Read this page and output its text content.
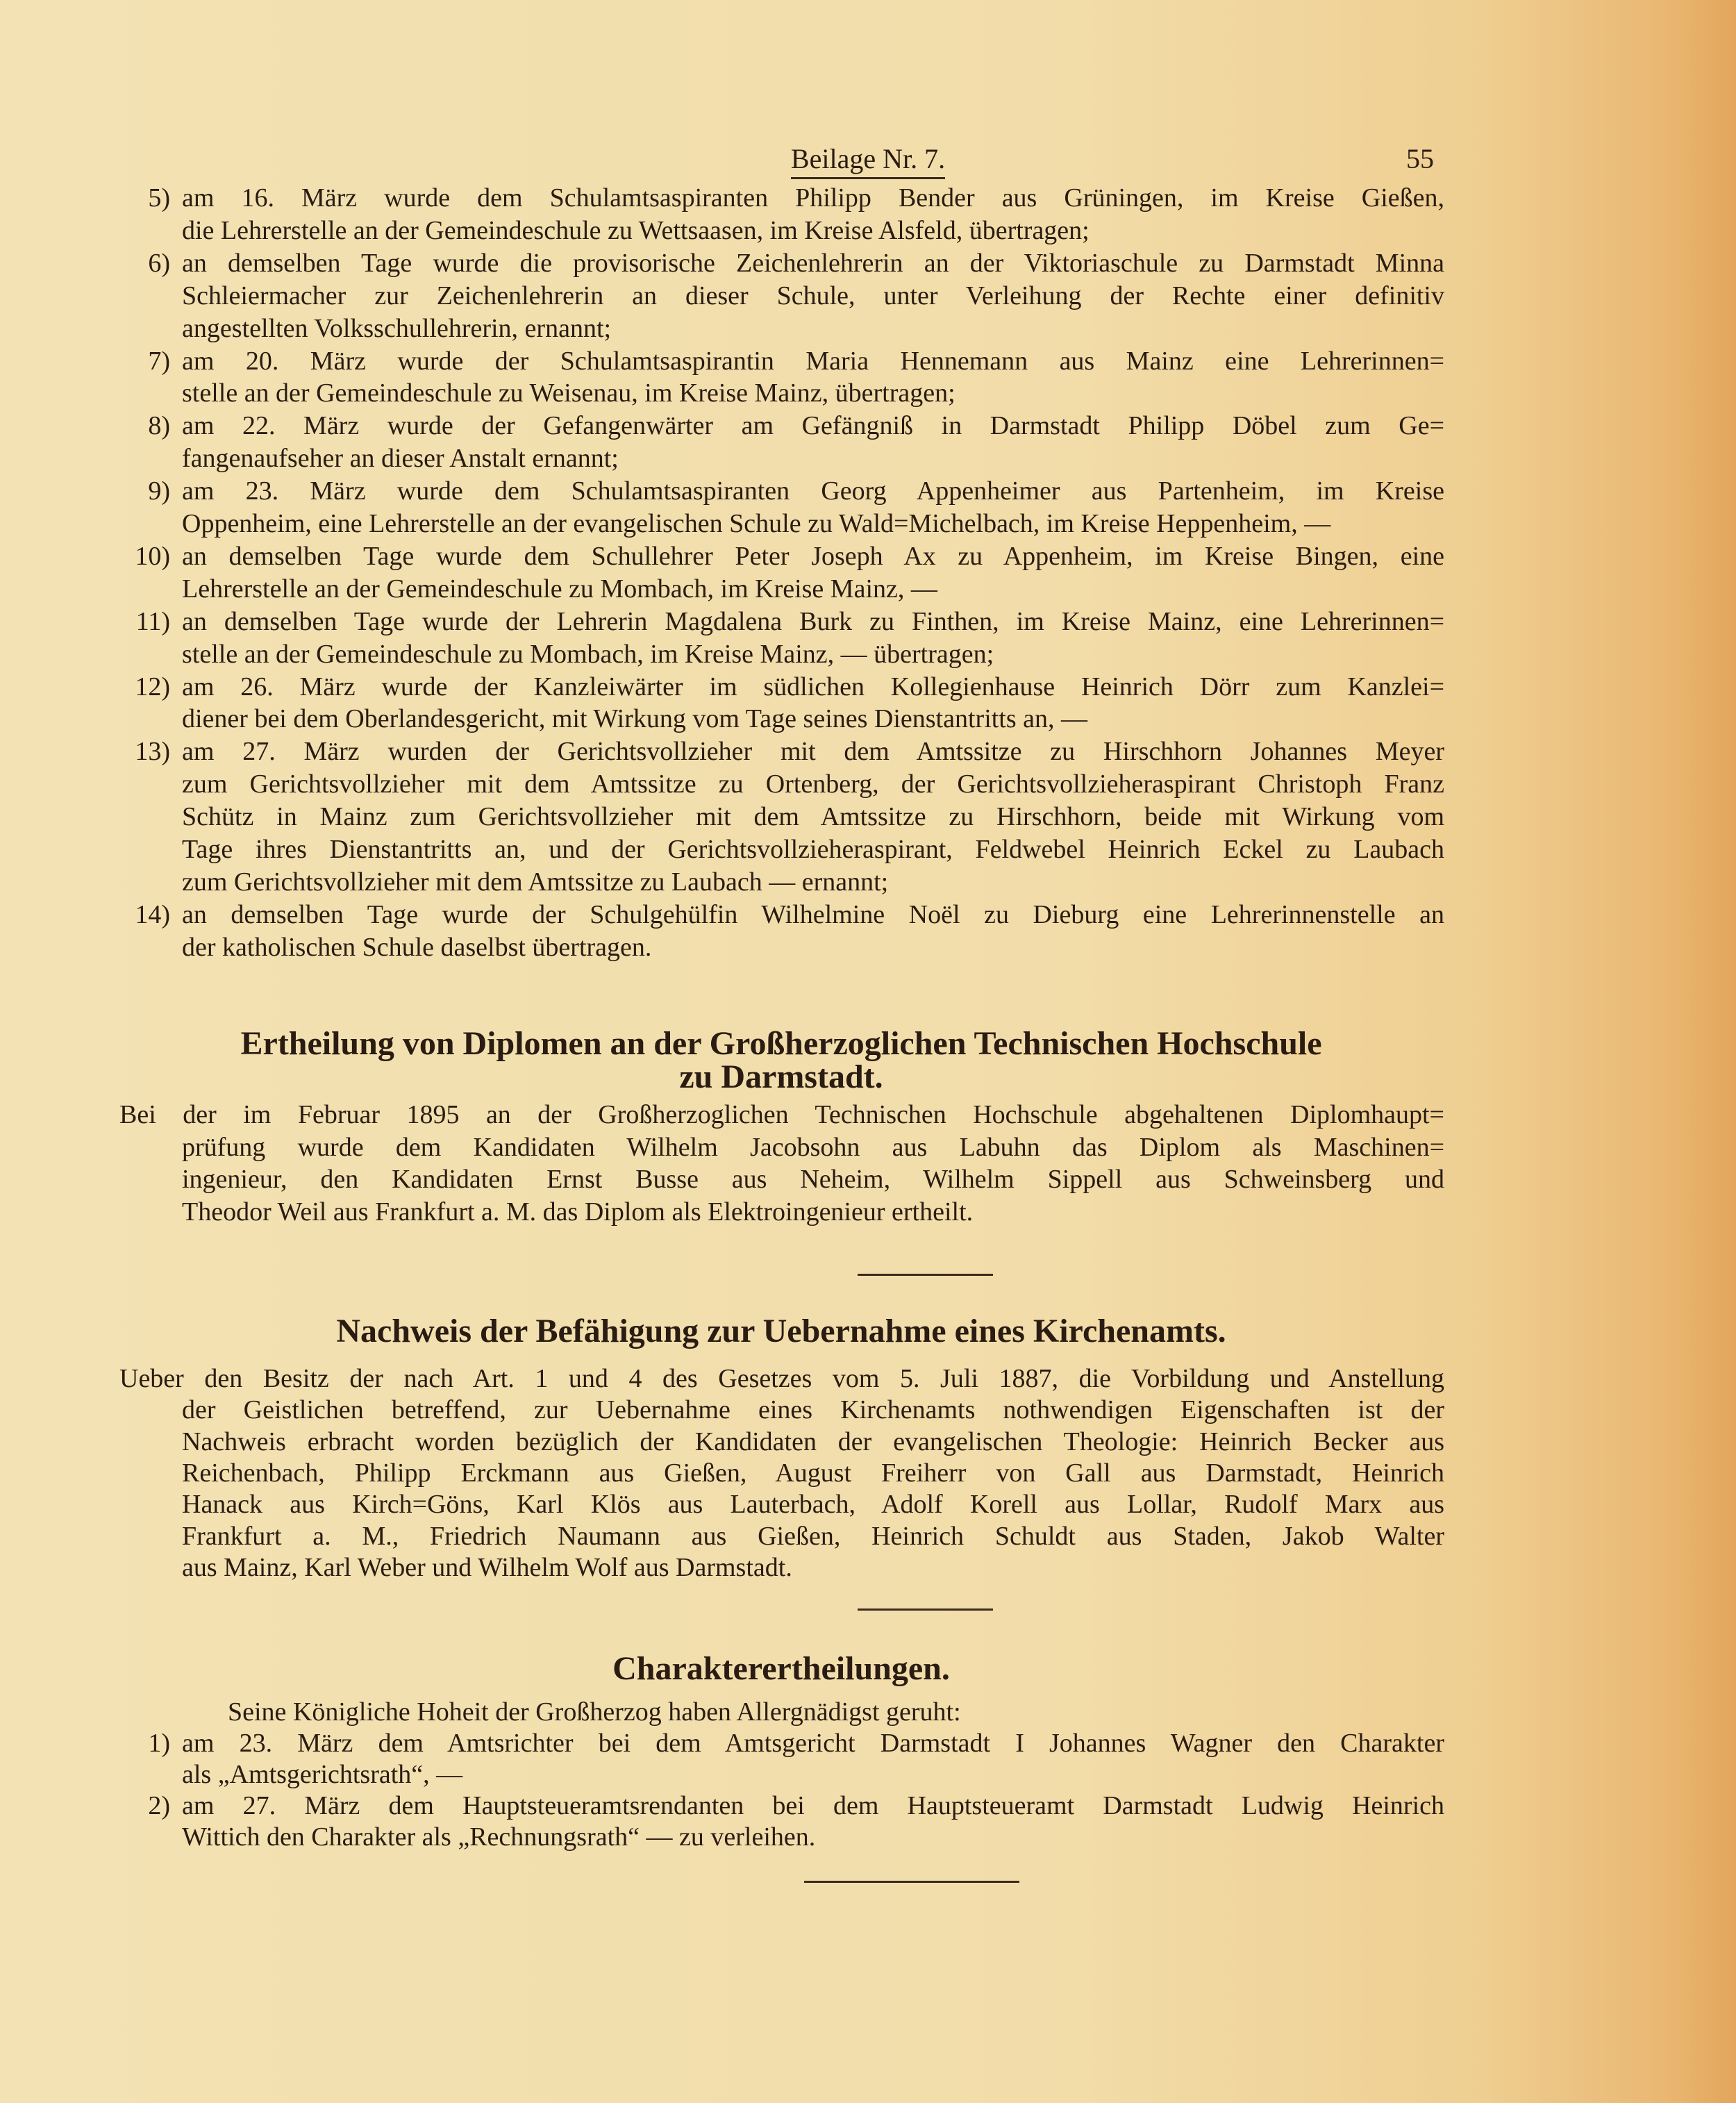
Beilage Nr. 7.	55
5) am 16. März wurde dem Schulamtsaspiranten Philipp Bender aus Grüningen, im Kreise Gießen,
die Lehrerstelle an der Gemeindeschule zu Wettsaasen, im Kreise Alsfeld, übertragen;
6) an demselben Tage wurde die provisorische Zeichenlehrerin an der Viktoriaschule zu Darmstadt Minna
Schleiermacher zur Zeichenlehrerin an dieser Schule, unter Verleihung der Rechte einer definitiv
angestellten Volksschullehrerin, ernannt;
7) am 20. März wurde der Schulamtsaspirantin Maria Hennemann aus Mainz eine Lehrerinnen=
stelle an der Gemeindeschule zu Weisenau, im Kreise Mainz, übertragen;
8) am 22. März wurde der Gefangenwärter am Gefängniß in Darmstadt Philipp Döbel zum Ge=
fangenaufseher an dieser Anstalt ernannt;
9) am 23. März wurde dem Schulamtsaspiranten Georg Appenheimer aus Partenheim, im Kreise
Oppenheim, eine Lehrerstelle an der evangelischen Schule zu Wald=Michelbach, im Kreise Heppenheim, —
10) an demselben Tage wurde dem Schullehrer Peter Joseph Ax zu Appenheim, im Kreise Bingen, eine
Lehrerstelle an der Gemeindeschule zu Mombach, im Kreise Mainz, —
11) an demselben Tage wurde der Lehrerin Magdalena Burk zu Finthen, im Kreise Mainz, eine Lehrerinnen=
stelle an der Gemeindeschule zu Mombach, im Kreise Mainz, — übertragen;
12) am 26. März wurde der Kanzleiwärter im südlichen Kollegienhause Heinrich Dörr zum Kanzlei=
diener bei dem Oberlandesgericht, mit Wirkung vom Tage seines Dienstantritts an, —
13) am 27. März wurden der Gerichtsvollzieher mit dem Amtssitze zu Hirschhorn Johannes Meyer
zum Gerichtsvollzieher mit dem Amtssitze zu Ortenberg, der Gerichtsvollzieheraspirant Christoph Franz
Schütz in Mainz zum Gerichtsvollzieher mit dem Amtssitze zu Hirschhorn, beide mit Wirkung vom
Tage ihres Dienstantritts an, und der Gerichtsvollzieheraspirant, Feldwebel Heinrich Eckel zu Laubach
zum Gerichtsvollzieher mit dem Amtssitze zu Laubach — ernannt;
14) an demselben Tage wurde der Schulgehülfin Wilhelmine Noël zu Dieburg eine Lehrerinnenstelle an
der katholischen Schule daselbst übertragen.
Ertheilung von Diplomen an der Großherzoglichen Technischen Hochschule
zu Darmstadt.
Bei der im Februar 1895 an der Großherzoglichen Technischen Hochschule abgehaltenen Diplomhaupt=
prüfung wurde dem Kandidaten Wilhelm Jacobsohn aus Labuhn das Diplom als Maschinen=
ingenieur, den Kandidaten Ernst Busse aus Neheim, Wilhelm Sippell aus Schweinsberg und
Theodor Weil aus Frankfurt a. M. das Diplom als Elektroingenieur ertheilt.
Nachweis der Befähigung zur Uebernahme eines Kirchenamts.
Ueber den Besitz der nach Art. 1 und 4 des Gesetzes vom 5. Juli 1887, die Vorbildung und Anstellung
der Geistlichen betreffend, zur Uebernahme eines Kirchenamts nothwendigen Eigenschaften ist der
Nachweis erbracht worden bezüglich der Kandidaten der evangelischen Theologie: Heinrich Becker aus
Reichenbach, Philipp Erckmann aus Gießen, August Freiherr von Gall aus Darmstadt, Heinrich
Hanack aus Kirch=Göns, Karl Klös aus Lauterbach, Adolf Korell aus Lollar, Rudolf Marx aus
Frankfurt a. M., Friedrich Naumann aus Gießen, Heinrich Schuldt aus Staden, Jakob Walter
aus Mainz, Karl Weber und Wilhelm Wolf aus Darmstadt.
Charakterertheilungen.
Seine Königliche Hoheit der Großherzog haben Allergnädigst geruht:
1) am 23. März dem Amtsrichter bei dem Amtsgericht Darmstadt I Johannes Wagner den Charakter
als „Amtsgerichtsrath“, —
2) am 27. März dem Hauptsteueramtsrendanten bei dem Hauptsteueramt Darmstadt Ludwig Heinrich
Wittich den Charakter als „Rechnungsrath“ — zu verleihen.
